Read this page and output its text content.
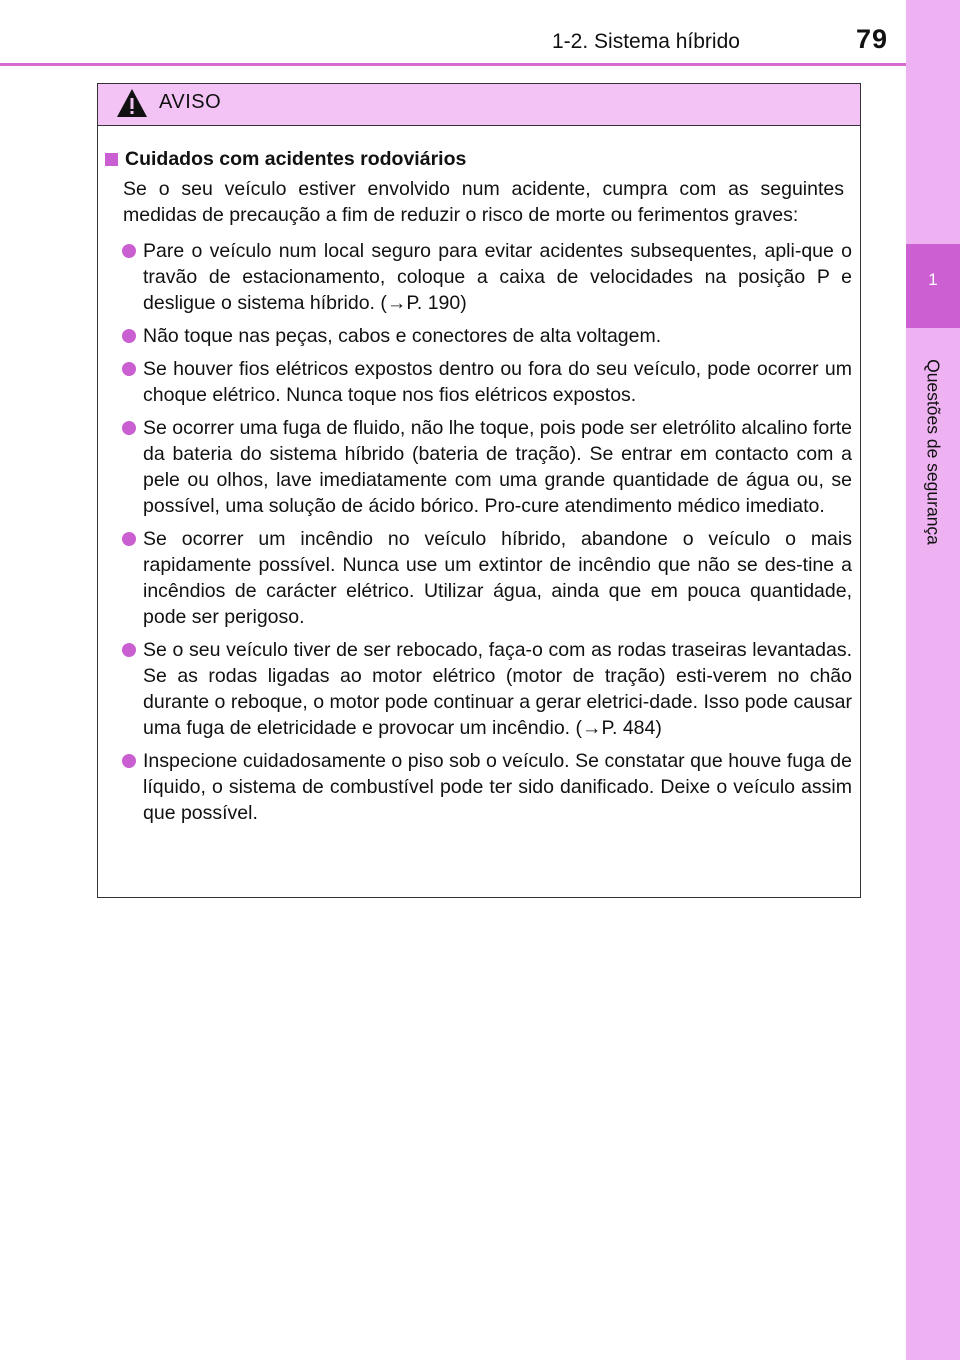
1-2. Sistema híbrido	79
1
Questões de segurança
AVISO
Cuidados com acidentes rodoviários
Se o seu veículo estiver envolvido num acidente, cumpra com as seguintes medidas de precaução a fim de reduzir o risco de morte ou ferimentos graves:
Pare o veículo num local seguro para evitar acidentes subsequentes, apli-que o travão de estacionamento, coloque a caixa de velocidades na posição P e desligue o sistema híbrido. (→P. 190)
Não toque nas peças, cabos e conectores de alta voltagem.
Se houver fios elétricos expostos dentro ou fora do seu veículo, pode ocorrer um choque elétrico. Nunca toque nos fios elétricos expostos.
Se ocorrer uma fuga de fluido, não lhe toque, pois pode ser eletrólito alcalino forte da bateria do sistema híbrido (bateria de tração). Se entrar em contacto com a pele ou olhos, lave imediatamente com uma grande quantidade de água ou, se possível, uma solução de ácido bórico. Pro-cure atendimento médico imediato.
Se ocorrer um incêndio no veículo híbrido, abandone o veículo o mais rapidamente possível. Nunca use um extintor de incêndio que não se des-tine a incêndios de carácter elétrico. Utilizar água, ainda que em pouca quantidade, pode ser perigoso.
Se o seu veículo tiver de ser rebocado, faça-o com as rodas traseiras levantadas. Se as rodas ligadas ao motor elétrico (motor de tração) esti-verem no chão durante o reboque, o motor pode continuar a gerar eletrici-dade. Isso pode causar uma fuga de eletricidade e provocar um incêndio. (→P. 484)
Inspecione cuidadosamente o piso sob o veículo. Se constatar que houve fuga de líquido, o sistema de combustível pode ter sido danificado. Deixe o veículo assim que possível.
